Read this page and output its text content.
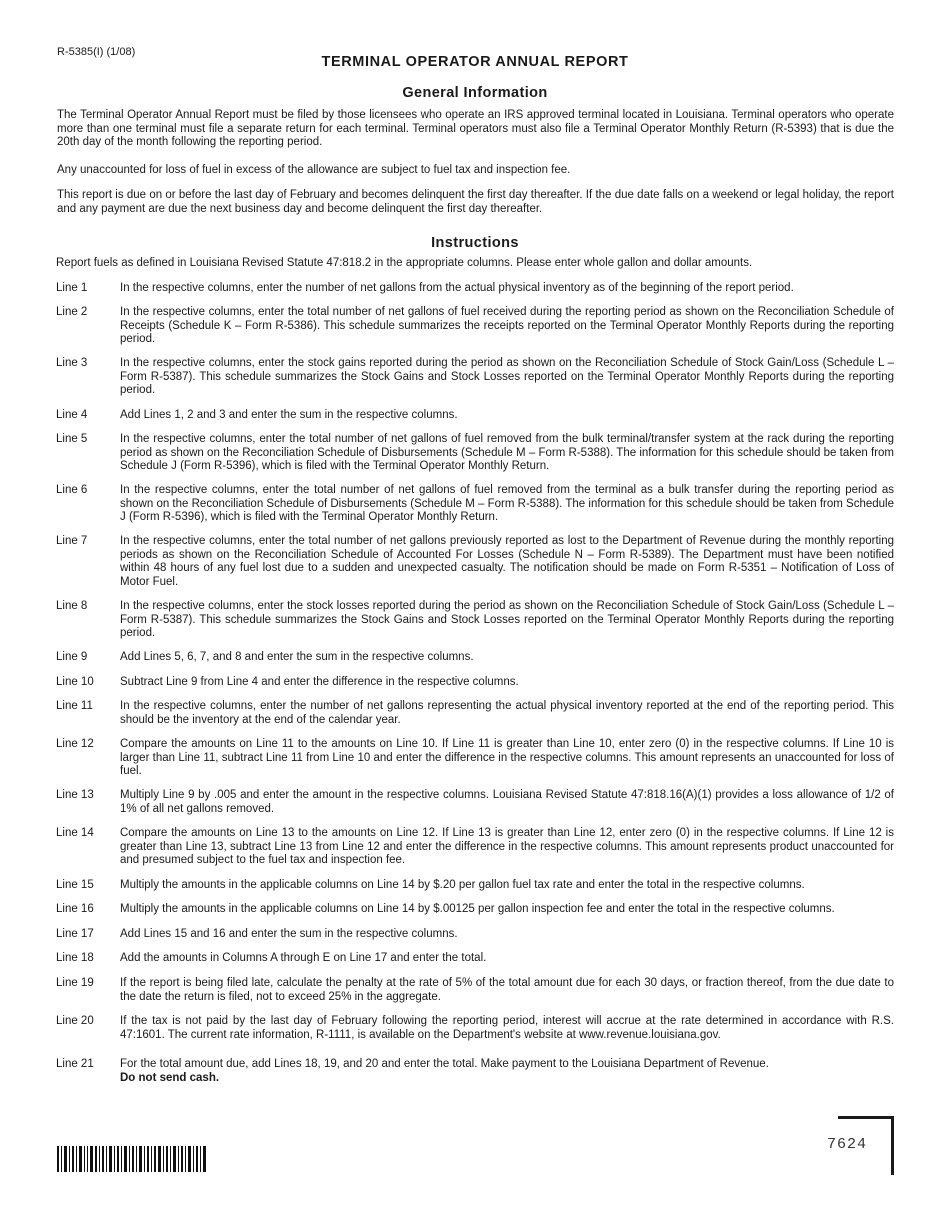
R-5385(I) (1/08)
TERMINAL OPERATOR ANNUAL REPORT
General Information

The Terminal Operator Annual Report must be filed by those licensees who operate an IRS approved terminal located in Louisiana. Terminal operators who operate more than one terminal must file a separate return for each terminal. Terminal operators must also file a Terminal Operator Monthly Return (R-5393) that is due the 20th day of the month following the reporting period.

Any unaccounted for loss of fuel in excess of the allowance are subject to fuel tax and inspection fee.

This report is due on or before the last day of February and becomes delinquent the first day thereafter. If the due date falls on a weekend or legal holiday, the report and any payment are due the next business day and become delinquent the first day thereafter.

Instructions

Report fuels as defined in Louisiana Revised Statute 47:818.2 in the appropriate columns. Please enter whole gallon and dollar amounts.

Line 1	In the respective columns, enter the number of net gallons from the actual physical inventory as of the beginning of the report period.
Line 2	In the respective columns, enter the total number of net gallons of fuel received during the reporting period as shown on the Reconciliation Schedule of Receipts (Schedule K – Form R-5386). This schedule summarizes the receipts reported on the Terminal Operator Monthly Reports during the reporting period.
Line 3	In the respective columns, enter the stock gains reported during the period as shown on the Reconciliation Schedule of Stock Gain/Loss (Schedule L – Form R-5387). This schedule summarizes the Stock Gains and Stock Losses reported on the Terminal Operator Monthly Reports during the reporting period.
Line 4	Add Lines 1, 2 and 3 and enter the sum in the respective columns.
Line 5	In the respective columns, enter the total number of net gallons of fuel removed from the bulk terminal/transfer system at the rack during the reporting period as shown on the Reconciliation Schedule of Disbursements (Schedule M – Form R-5388). The information for this schedule should be taken from Schedule J (Form R-5396), which is filed with the Terminal Operator Monthly Return.
Line 6	In the respective columns, enter the total number of net gallons of fuel removed from the terminal as a bulk transfer during the reporting period as shown on the Reconciliation Schedule of Disbursements (Schedule M – Form R-5388). The information for this schedule should be taken from Schedule J (Form R-5396), which is filed with the Terminal Operator Monthly Return.
Line 7	In the respective columns, enter the total number of net gallons previously reported as lost to the Department of Revenue during the monthly reporting periods as shown on the Reconciliation Schedule of Accounted For Losses (Schedule N – Form R-5389). The Department must have been notified within 48 hours of any fuel lost due to a sudden and unexpected casualty. The notification should be made on Form R-5351 – Notification of Loss of Motor Fuel.
Line 8	In the respective columns, enter the stock losses reported during the period as shown on the Reconciliation Schedule of Stock Gain/Loss (Schedule L – Form R-5387). This schedule summarizes the Stock Gains and Stock Losses reported on the Terminal Operator Monthly Reports during the reporting period.
Line 9	Add Lines 5, 6, 7, and 8 and enter the sum in the respective columns.
Line 10	Subtract Line 9 from Line 4 and enter the difference in the respective columns.
Line 11	In the respective columns, enter the number of net gallons representing the actual physical inventory reported at the end of the reporting period. This should be the inventory at the end of the calendar year.
Line 12	Compare the amounts on Line 11 to the amounts on Line 10. If Line 11 is greater than Line 10, enter zero (0) in the respective columns. If Line 10 is larger than Line 11, subtract Line 11 from Line 10 and enter the difference in the respective columns. This amount represents an unaccounted for loss of fuel.
Line 13	Multiply Line 9 by .005 and enter the amount in the respective columns. Louisiana Revised Statute 47:818.16(A)(1) provides a loss allowance of 1/2 of 1% of all net gallons removed.
Line 14	Compare the amounts on Line 13 to the amounts on Line 12. If Line 13 is greater than Line 12, enter zero (0) in the respective columns. If Line 12 is greater than Line 13, subtract Line 13 from Line 12 and enter the difference in the respective columns. This amount represents product unaccounted for and presumed subject to the fuel tax and inspection fee.
Line 15	Multiply the amounts in the applicable columns on Line 14 by $.20 per gallon fuel tax rate and enter the total in the respective columns.
Line 16	Multiply the amounts in the applicable columns on Line 14 by $.00125 per gallon inspection fee and enter the total in the respective columns.
Line 17	Add Lines 15 and 16 and enter the sum in the respective columns.
Line 18	Add the amounts in Columns A through E on Line 17 and enter the total.
Line 19	If the report is being filed late, calculate the penalty at the rate of 5% of the total amount due for each 30 days, or fraction thereof, from the due date to the date the return is filed, not to exceed 25% in the aggregate.
Line 20	If the tax is not paid by the last day of February following the reporting period, interest will accrue at the rate determined in accordance with R.S. 47:1601. The current rate information, R-1111, is available on the Department's website at www.revenue.louisiana.gov.
Line 21	For the total amount due, add Lines 18, 19, and 20 and enter the total. Make payment to the Louisiana Department of Revenue.
Do not send cash.
7624
